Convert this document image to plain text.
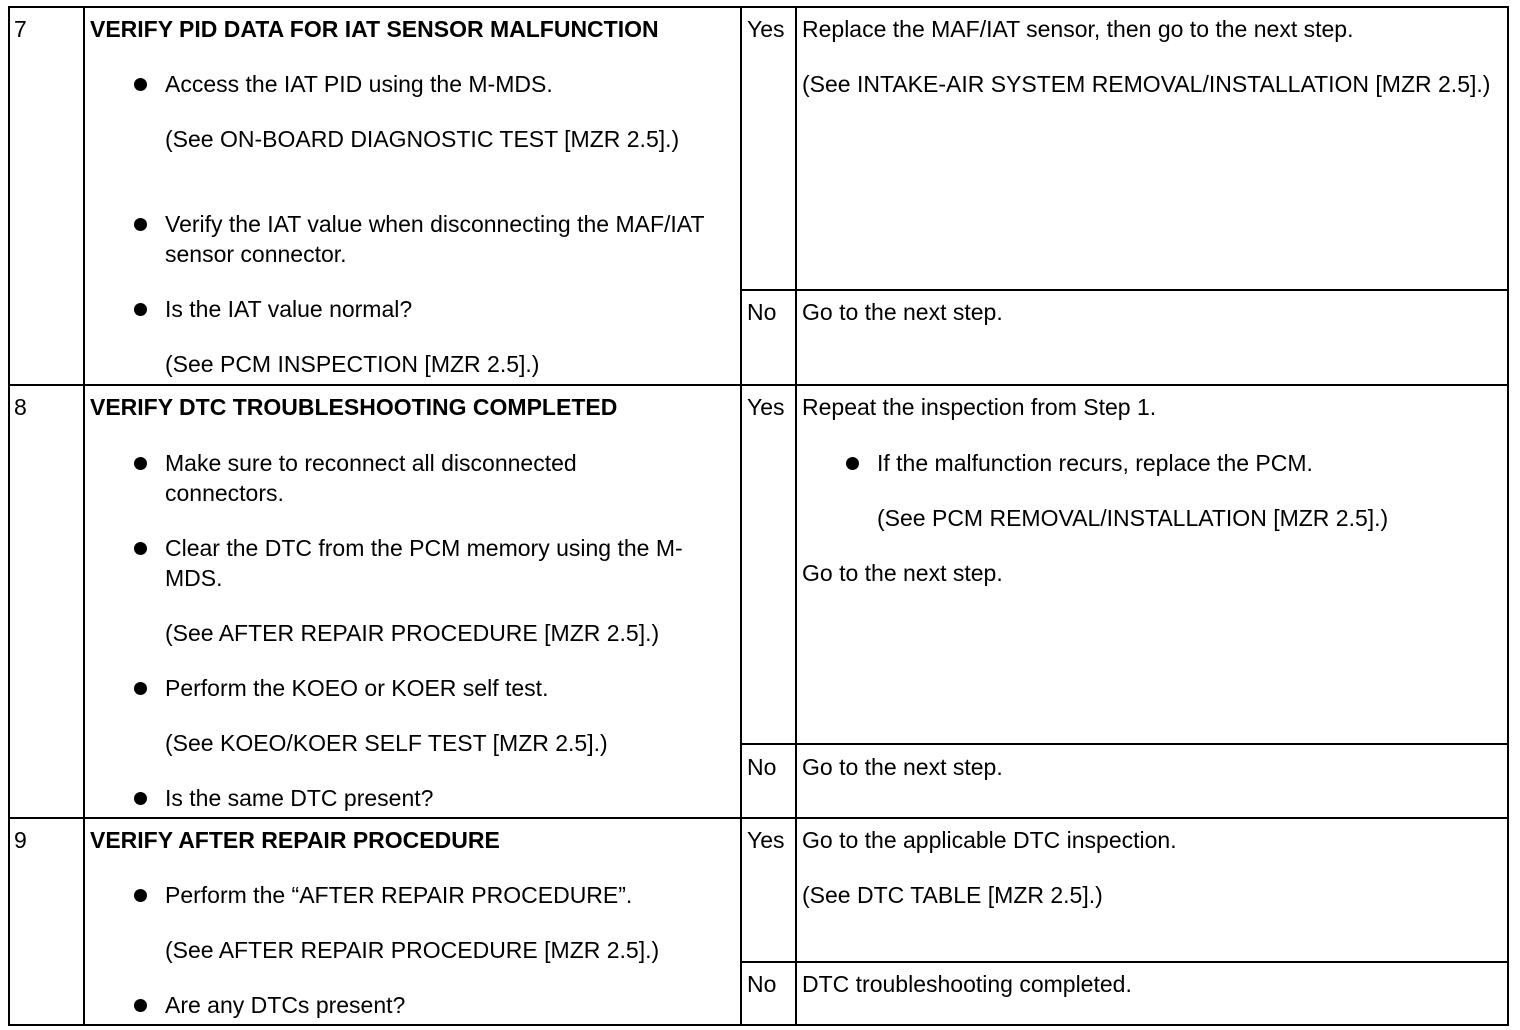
7	VERIFY PID DATA FOR IAT SENSOR MALFUNCTION
Access the IAT PID using the M-MDS.
(See ON-BOARD DIAGNOSTIC TEST [MZR 2.5].)
Verify the IAT value when disconnecting the MAF/IAT sensor connector.
Is the IAT value normal?
(See PCM INSPECTION [MZR 2.5].)
Yes Replace the MAF/IAT sensor, then go to the next step.
(See INTAKE-AIR SYSTEM REMOVAL/INSTALLATION [MZR 2.5].)
No Go to the next step.
8	VERIFY DTC TROUBLESHOOTING COMPLETED
Make sure to reconnect all disconnected connectors.
Clear the DTC from the PCM memory using the M-MDS.
(See AFTER REPAIR PROCEDURE [MZR 2.5].)
Perform the KOEO or KOER self test.
(See KOEO/KOER SELF TEST [MZR 2.5].)
Is the same DTC present?
Yes Repeat the inspection from Step 1.
If the malfunction recurs, replace the PCM.
(See PCM REMOVAL/INSTALLATION [MZR 2.5].)
Go to the next step.
No Go to the next step.
9	VERIFY AFTER REPAIR PROCEDURE
Perform the “AFTER REPAIR PROCEDURE”.
(See AFTER REPAIR PROCEDURE [MZR 2.5].)
Are any DTCs present?
Yes Go to the applicable DTC inspection.
(See DTC TABLE [MZR 2.5].)
No DTC troubleshooting completed.
